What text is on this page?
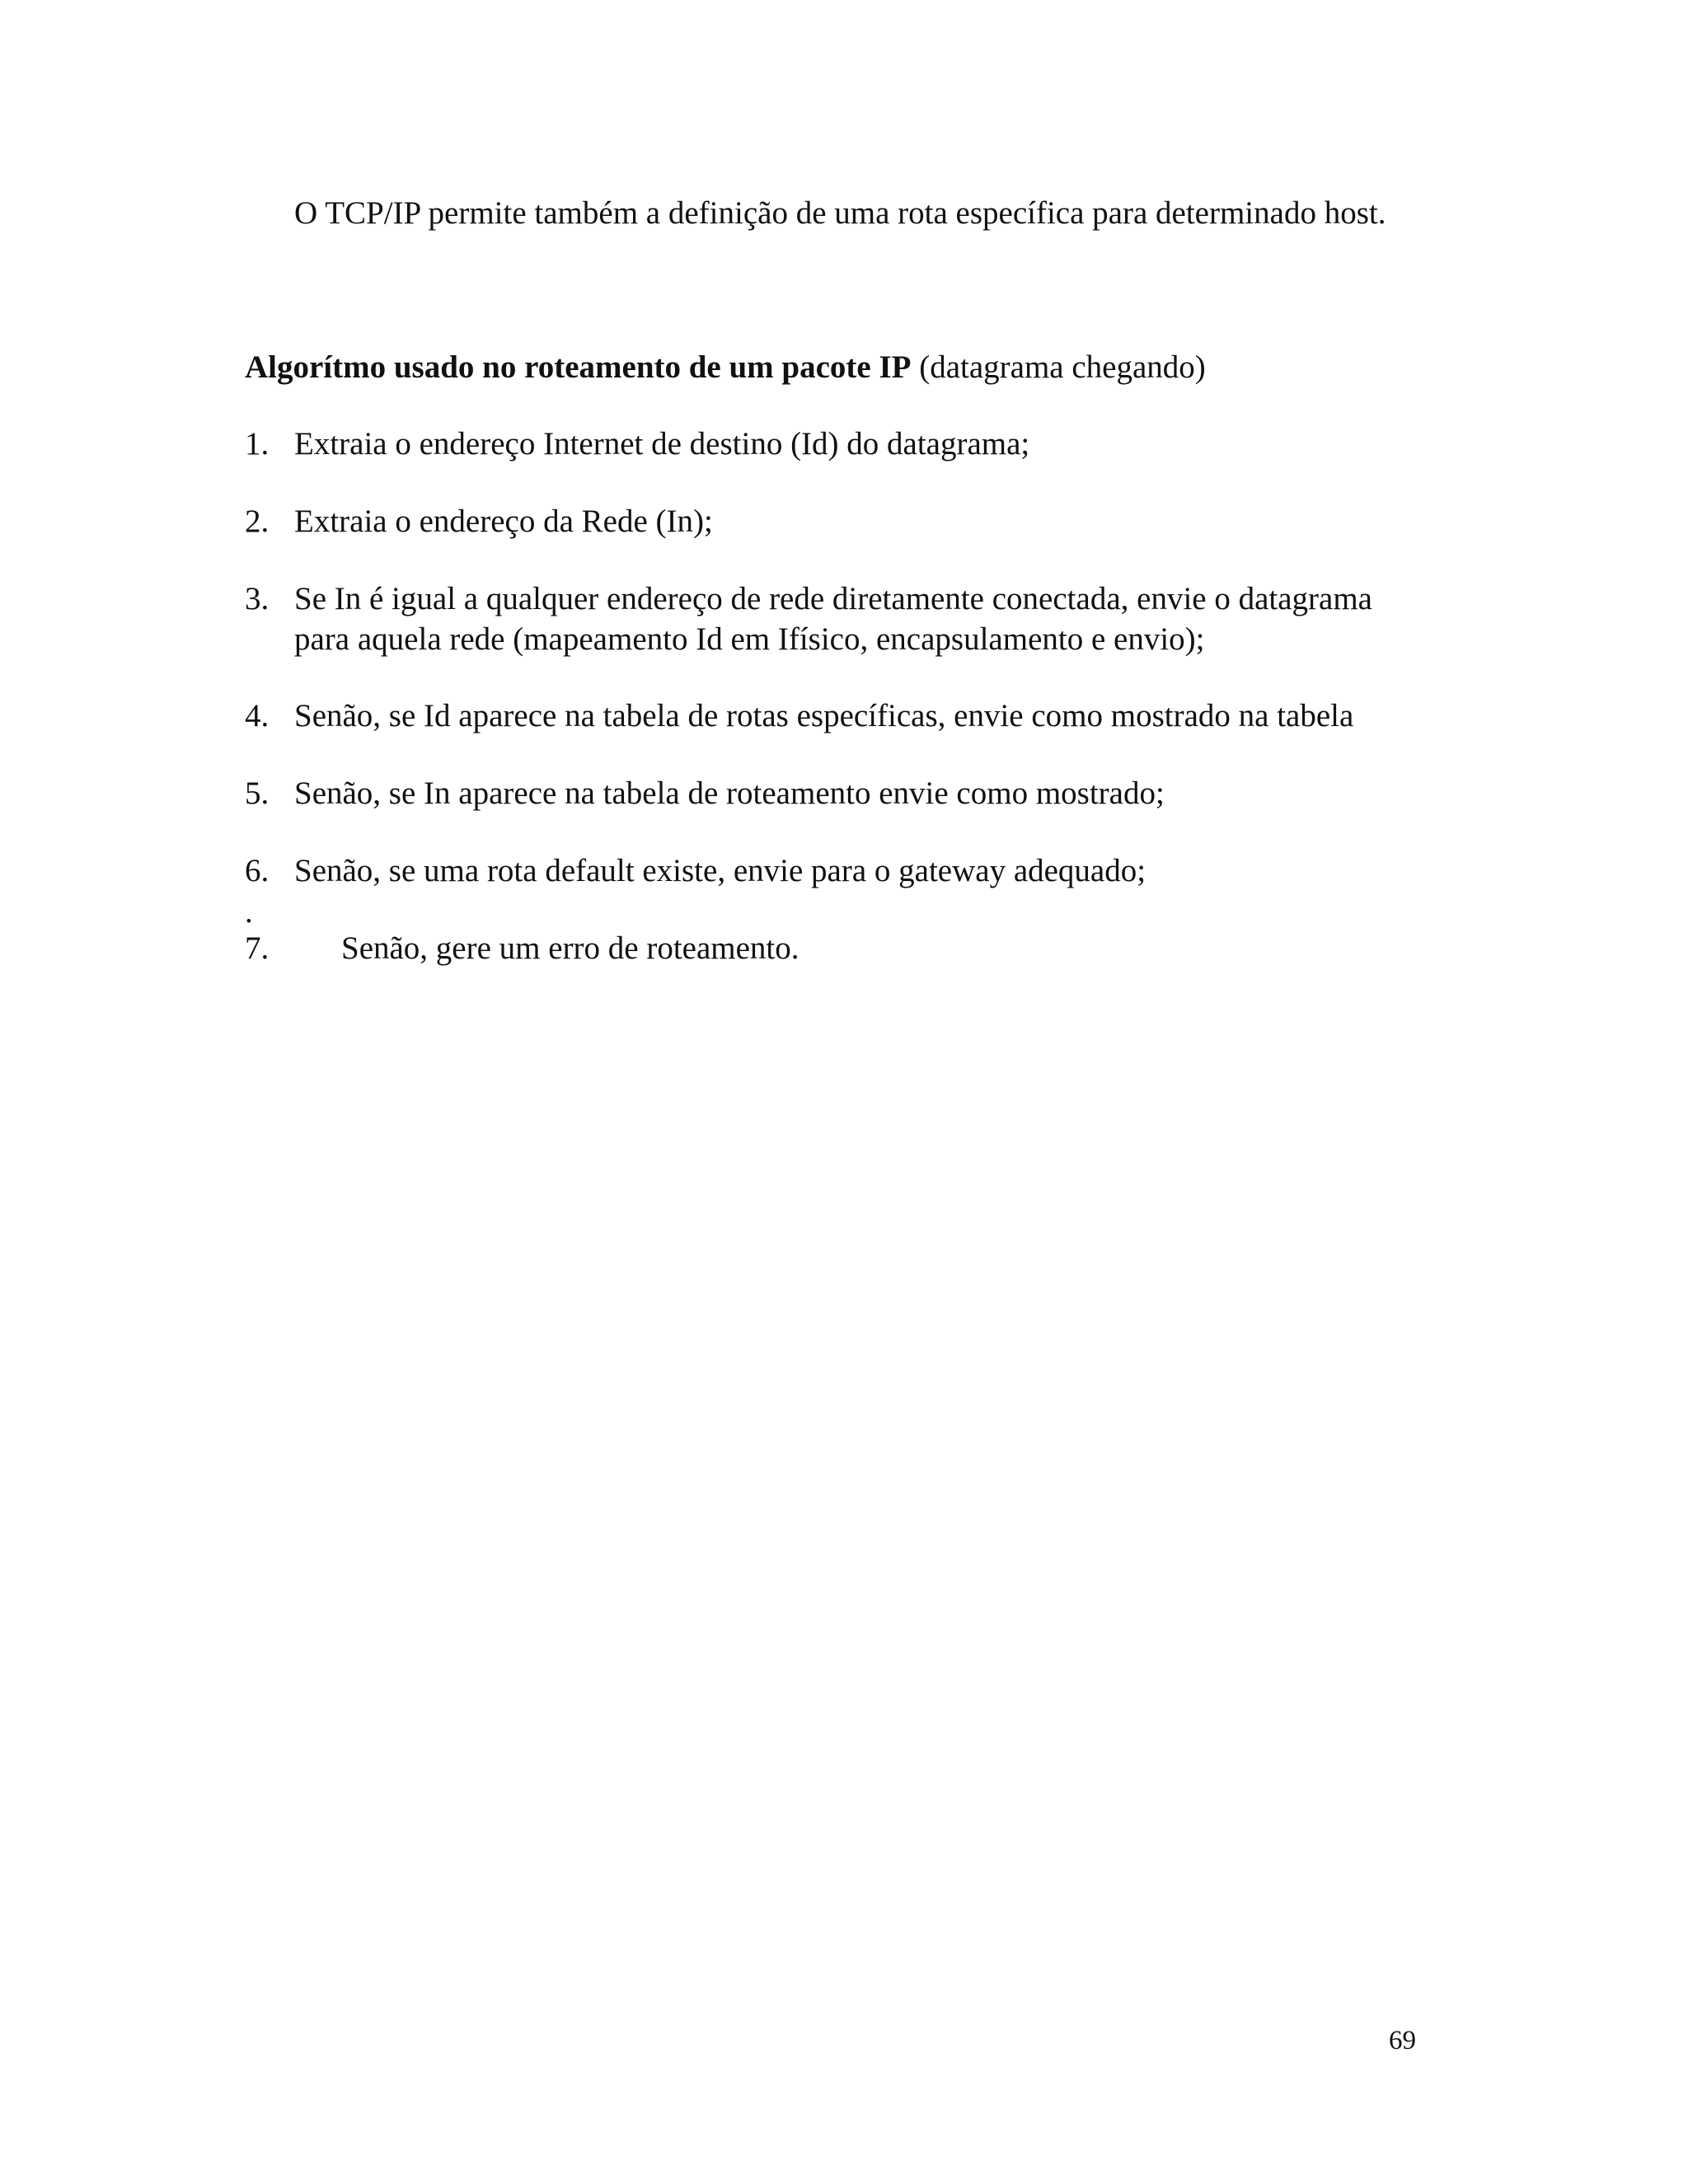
O TCP/IP permite também a definição de uma rota específica para determinado host.
Algorítmo usado no roteamento de um pacote IP (datagrama chegando)
1. Extraia o endereço Internet de destino (Id) do datagrama;
2. Extraia o endereço da Rede (In);
3. Se In é igual a qualquer endereço de rede diretamente conectada, envie o datagrama
para aquela rede (mapeamento Id em Ifísico, encapsulamento e envio);
4. Senão, se Id aparece na tabela de rotas específicas, envie como mostrado na tabela
5. Senão, se In aparece na tabela de roteamento envie como mostrado;
6. Senão, se uma rota default existe, envie para o gateway adequado;
.
7. Senão, gere um erro de roteamento.
69
